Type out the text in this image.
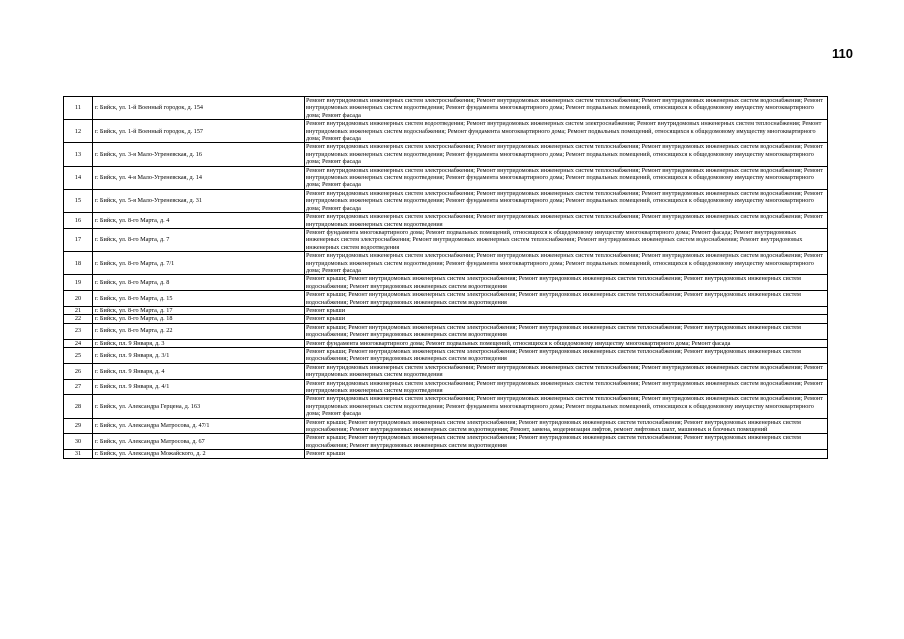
110
11	г. Бийск, ул. 1-й Военный городок, д. 154	Ремонт внутридомовых инженерных систем электроснабжения; Ремонт внутридомовых инженерных систем теплоснабжения; Ремонт внутридомовых инженерных систем водоснабжения; Ремонт внутридомовых инженерных систем водоотведения; Ремонт фундамента многоквартирного дома; Ремонт подвальных помещений, относящихся к общедомовому имуществу многоквартирного дома; Ремонт фасада

12	г. Бийск, ул. 1-й Военный городок, д. 157	Ремонт внутридомовых инженерных систем водоотведения; Ремонт внутридомовых инженерных систем электроснабжения; Ремонт внутридомовых инженерных систем теплоснабжения; Ремонт внутридомовых инженерных систем водоснабжения; Ремонт фундамента многоквартирного дома; Ремонт подвальных помещений, относящихся к общедомовому имуществу многоквартирного дома; Ремонт фасада

13	г. Бийск, ул. 3-я Мало-Угреневская, д. 16	Ремонт внутридомовых инженерных систем электроснабжения; Ремонт внутридомовых инженерных систем теплоснабжения; Ремонт внутридомовых инженерных систем водоснабжения; Ремонт внутридомовых инженерных систем водоотведения; Ремонт фундамента многоквартирного дома; Ремонт подвальных помещений, относящихся к общедомовому имуществу многоквартирного дома; Ремонт фасада

14	г. Бийск, ул. 4-я Мало-Угреневская, д. 14	Ремонт внутридомовых инженерных систем электроснабжения; Ремонт внутридомовых инженерных систем теплоснабжения; Ремонт внутридомовых инженерных систем водоснабжения; Ремонт внутридомовых инженерных систем водоотведения; Ремонт фундамента многоквартирного дома; Ремонт подвальных помещений, относящихся к общедомовому имуществу многоквартирного дома; Ремонт фасада

15	г. Бийск, ул. 5-я Мало-Угреневская, д. 31	Ремонт внутридомовых инженерных систем электроснабжения; Ремонт внутридомовых инженерных систем теплоснабжения; Ремонт внутридомовых инженерных систем водоснабжения; Ремонт внутридомовых инженерных систем водоотведения; Ремонт фундамента многоквартирного дома; Ремонт подвальных помещений, относящихся к общедомовому имуществу многоквартирного дома; Ремонт фасада

16	г. Бийск, ул. 8-го Марта, д. 4	Ремонт внутридомовых инженерных систем электроснабжения; Ремонт внутридомовых инженерных систем теплоснабжения; Ремонт внутридомовых инженерных систем водоснабжения; Ремонт внутридомовых инженерных систем водоотведения

17	г. Бийск, ул. 8-го Марта, д. 7	Ремонт фундамента многоквартирного дома; Ремонт подвальных помещений, относящихся к общедомовому имуществу многоквартирного дома; Ремонт фасада; Ремонт внутридомовых инженерных систем электроснабжения; Ремонт внутридомовых инженерных систем теплоснабжения; Ремонт внутридомовых инженерных систем водоснабжения; Ремонт внутридомовых инженерных систем водоотведения

18	г. Бийск, ул. 8-го Марта, д. 7/1	Ремонт внутридомовых инженерных систем электроснабжения; Ремонт внутридомовых инженерных систем теплоснабжения; Ремонт внутридомовых инженерных систем водоснабжения; Ремонт внутридомовых инженерных систем водоотведения; Ремонт фундамента многоквартирного дома; Ремонт подвальных помещений, относящихся к общедомовому имуществу многоквартирного дома; Ремонт фасада

19	г. Бийск, ул. 8-го Марта, д. 8	Ремонт крыши; Ремонт внутридомовых инженерных систем электроснабжения; Ремонт внутридомовых инженерных систем теплоснабжения; Ремонт внутридомовых инженерных систем водоснабжения; Ремонт внутридомовых инженерных систем водоотведения

20	г. Бийск, ул. 8-го Марта, д. 15	Ремонт крыши; Ремонт внутридомовых инженерных систем электроснабжения; Ремонт внутридомовых инженерных систем теплоснабжения; Ремонт внутридомовых инженерных систем водоснабжения; Ремонт внутридомовых инженерных систем водоотведения

21	г. Бийск, ул. 8-го Марта, д. 17	Ремонт крыши

22	г. Бийск, ул. 8-го Марта, д. 18	Ремонт крыши

23	г. Бийск, ул. 8-го Марта, д. 22	Ремонт крыши; Ремонт внутридомовых инженерных систем электроснабжения; Ремонт внутридомовых инженерных систем теплоснабжения; Ремонт внутридомовых инженерных систем водоснабжения; Ремонт внутридомовых инженерных систем водоотведения

24	г. Бийск, пл. 9 Января, д. 3	Ремонт фундамента многоквартирного дома; Ремонт подвальных помещений, относящихся к общедомовому имуществу многоквартирного дома; Ремонт фасада

25	г. Бийск, пл. 9 Января, д. 3/1	Ремонт крыши; Ремонт внутридомовых инженерных систем электроснабжения; Ремонт внутридомовых инженерных систем теплоснабжения; Ремонт внутридомовых инженерных систем водоснабжения; Ремонт внутридомовых инженерных систем водоотведения

26	г. Бийск, пл. 9 Января, д. 4	Ремонт внутридомовых инженерных систем электроснабжения; Ремонт внутридомовых инженерных систем теплоснабжения; Ремонт внутридомовых инженерных систем водоснабжения; Ремонт внутридомовых инженерных систем водоотведения

27	г. Бийск, пл. 9 Января, д. 4/1	Ремонт внутридомовых инженерных систем электроснабжения; Ремонт внутридомовых инженерных систем теплоснабжения; Ремонт внутридомовых инженерных систем водоснабжения; Ремонт внутридомовых инженерных систем водоотведения

28	г. Бийск, ул. Александра Герцена, д. 163	Ремонт внутридомовых инженерных систем электроснабжения; Ремонт внутридомовых инженерных систем теплоснабжения; Ремонт внутридомовых инженерных систем водоснабжения; Ремонт внутридомовых инженерных систем водоотведения; Ремонт фундамента многоквартирного дома; Ремонт подвальных помещений, относящихся к общедомовому имуществу многоквартирного дома; Ремонт фасада

29	г. Бийск, ул. Александра Матросова, д. 47/1	Ремонт крыши; Ремонт внутридомовых инженерных систем электроснабжения; Ремонт внутридомовых инженерных систем теплоснабжения; Ремонт внутридомовых инженерных систем водоснабжения; Ремонт внутридомовых инженерных систем водоотведения; Ремонт, замена, модернизация лифтов, ремонт лифтовых шахт, машинных и блочных помещений

30	г. Бийск, ул. Александра Матросова, д. 67	Ремонт крыши; Ремонт внутридомовых инженерных систем электроснабжения; Ремонт внутридомовых инженерных систем теплоснабжения; Ремонт внутридомовых инженерных систем водоснабжения; Ремонт внутридомовых инженерных систем водоотведения

31	г. Бийск, ул. Александра Можайского, д. 2	Ремонт крыши
